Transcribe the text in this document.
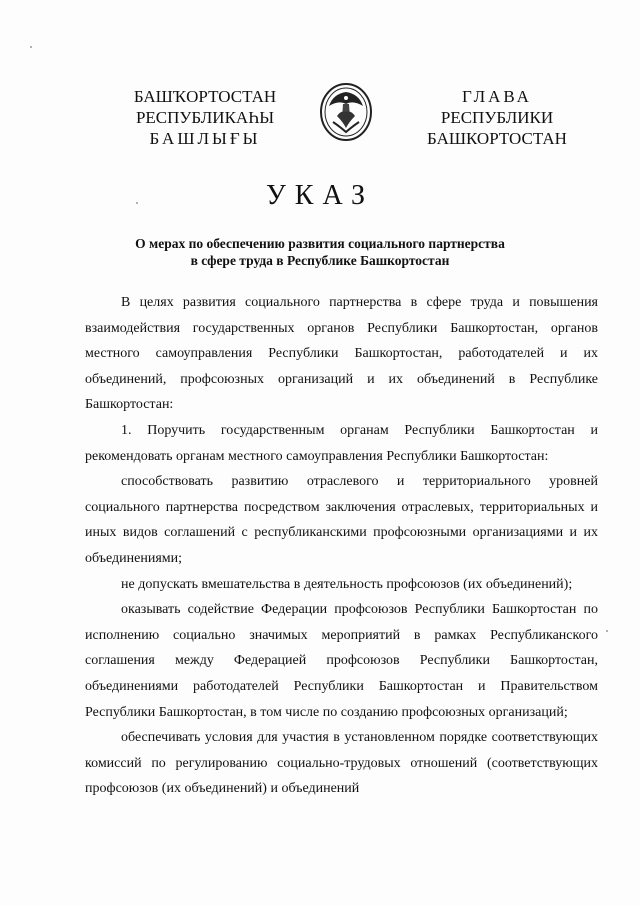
БАШҠОРТОСТАН
РЕСПУБЛИКАҺЫ
БАШЛЫҒЫ
ГЛАВА
РЕСПУБЛИКИ
БАШКОРТОСТАН
УКАЗ
О мерах по обеспечению развития социального партнерства
в сфере труда в Республике Башкортостан

В целях развития социального партнерства в сфере труда и повышения взаимодействия государственных органов Республики Башкортостан, органов местного самоуправления Республики Башкортостан, работодателей и их объединений, профсоюзных организаций и их объединений в Республике Башкортостан:

1. Поручить государственным органам Республики Башкортостан и рекомендовать органам местного самоуправления Республики Башкортостан:

способствовать развитию отраслевого и территориального уровней социального партнерства посредством заключения отраслевых, территориальных и иных видов соглашений с республиканскими профсоюзными организациями и их объединениями;

не допускать вмешательства в деятельность профсоюзов (их объединений);

оказывать содействие Федерации профсоюзов Республики Башкортостан по исполнению социально значимых мероприятий в рамках Республиканского соглашения между Федерацией профсоюзов Республики Башкортостан, объединениями работодателей Республики Башкортостан и Правительством Республики Башкортостан, в том числе по созданию профсоюзных организаций;

обеспечивать условия для участия в установленном порядке соответствующих комиссий по регулированию социально-трудовых отношений (соответствующих профсоюзов (их объединений) и объединений
